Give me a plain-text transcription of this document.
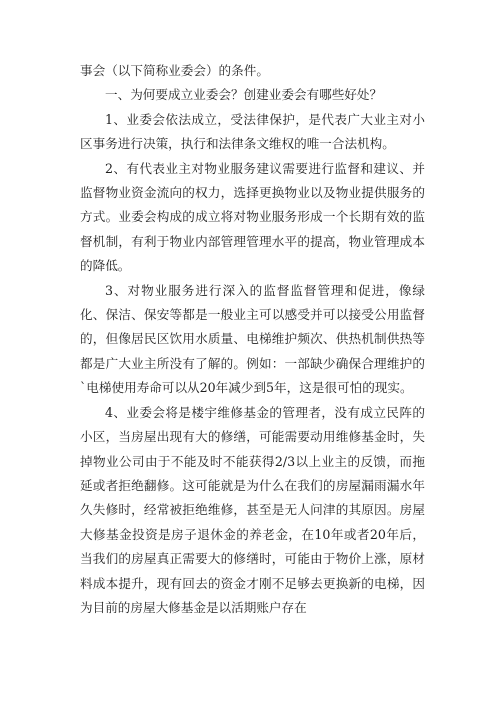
事会（以下简称业委会）的条件。

一、为何要成立业委会？创建业委会有哪些好处？

1、业委会依法成立，受法律保护，是代表广大业主对小区事务进行决策，执行和法律条文维权的唯一合法机构。

2、有代表业主对物业服务建议需要进行监督和建议、并监督物业资金流向的权力，选择更换物业以及物业提供服务的方式。业委会构成的成立将对物业服务形成一个长期有效的监督机制，有利于物业内部管理管理水平的提高，物业管理成本的降低。

3、对物业服务进行深入的监督监督管理和促进，像绿化、保洁、保安等都是一般业主可以感受并可以接受公用监督的，但像居民区饮用水质量、电梯维护频次、供热机制供热等都是广大业主所没有了解的。例如：一部缺少确保合理维护的`电梯使用寿命可以从20年减少到5年，这是很可怕的现实。

4、业委会将是楼宇维修基金的管理者，没有成立民阵的小区，当房屋出现有大的修缮，可能需要动用维修基金时，失掉物业公司由于不能及时不能获得2/3以上业主的反馈，而拖延或者拒绝翻修。这可能就是为什么在我们的房屋漏雨漏水年久失修时，经常被拒绝维修，甚至是无人问津的其原因。房屋大修基金投资是房子退休金的养老金，在10年或者20年后，当我们的房屋真正需要大的修缮时，可能由于物价上涨，原材料成本提升，现有回去的资金才刚不足够去更换新的电梯，因为目前的房屋大修基金是以活期账户存在
